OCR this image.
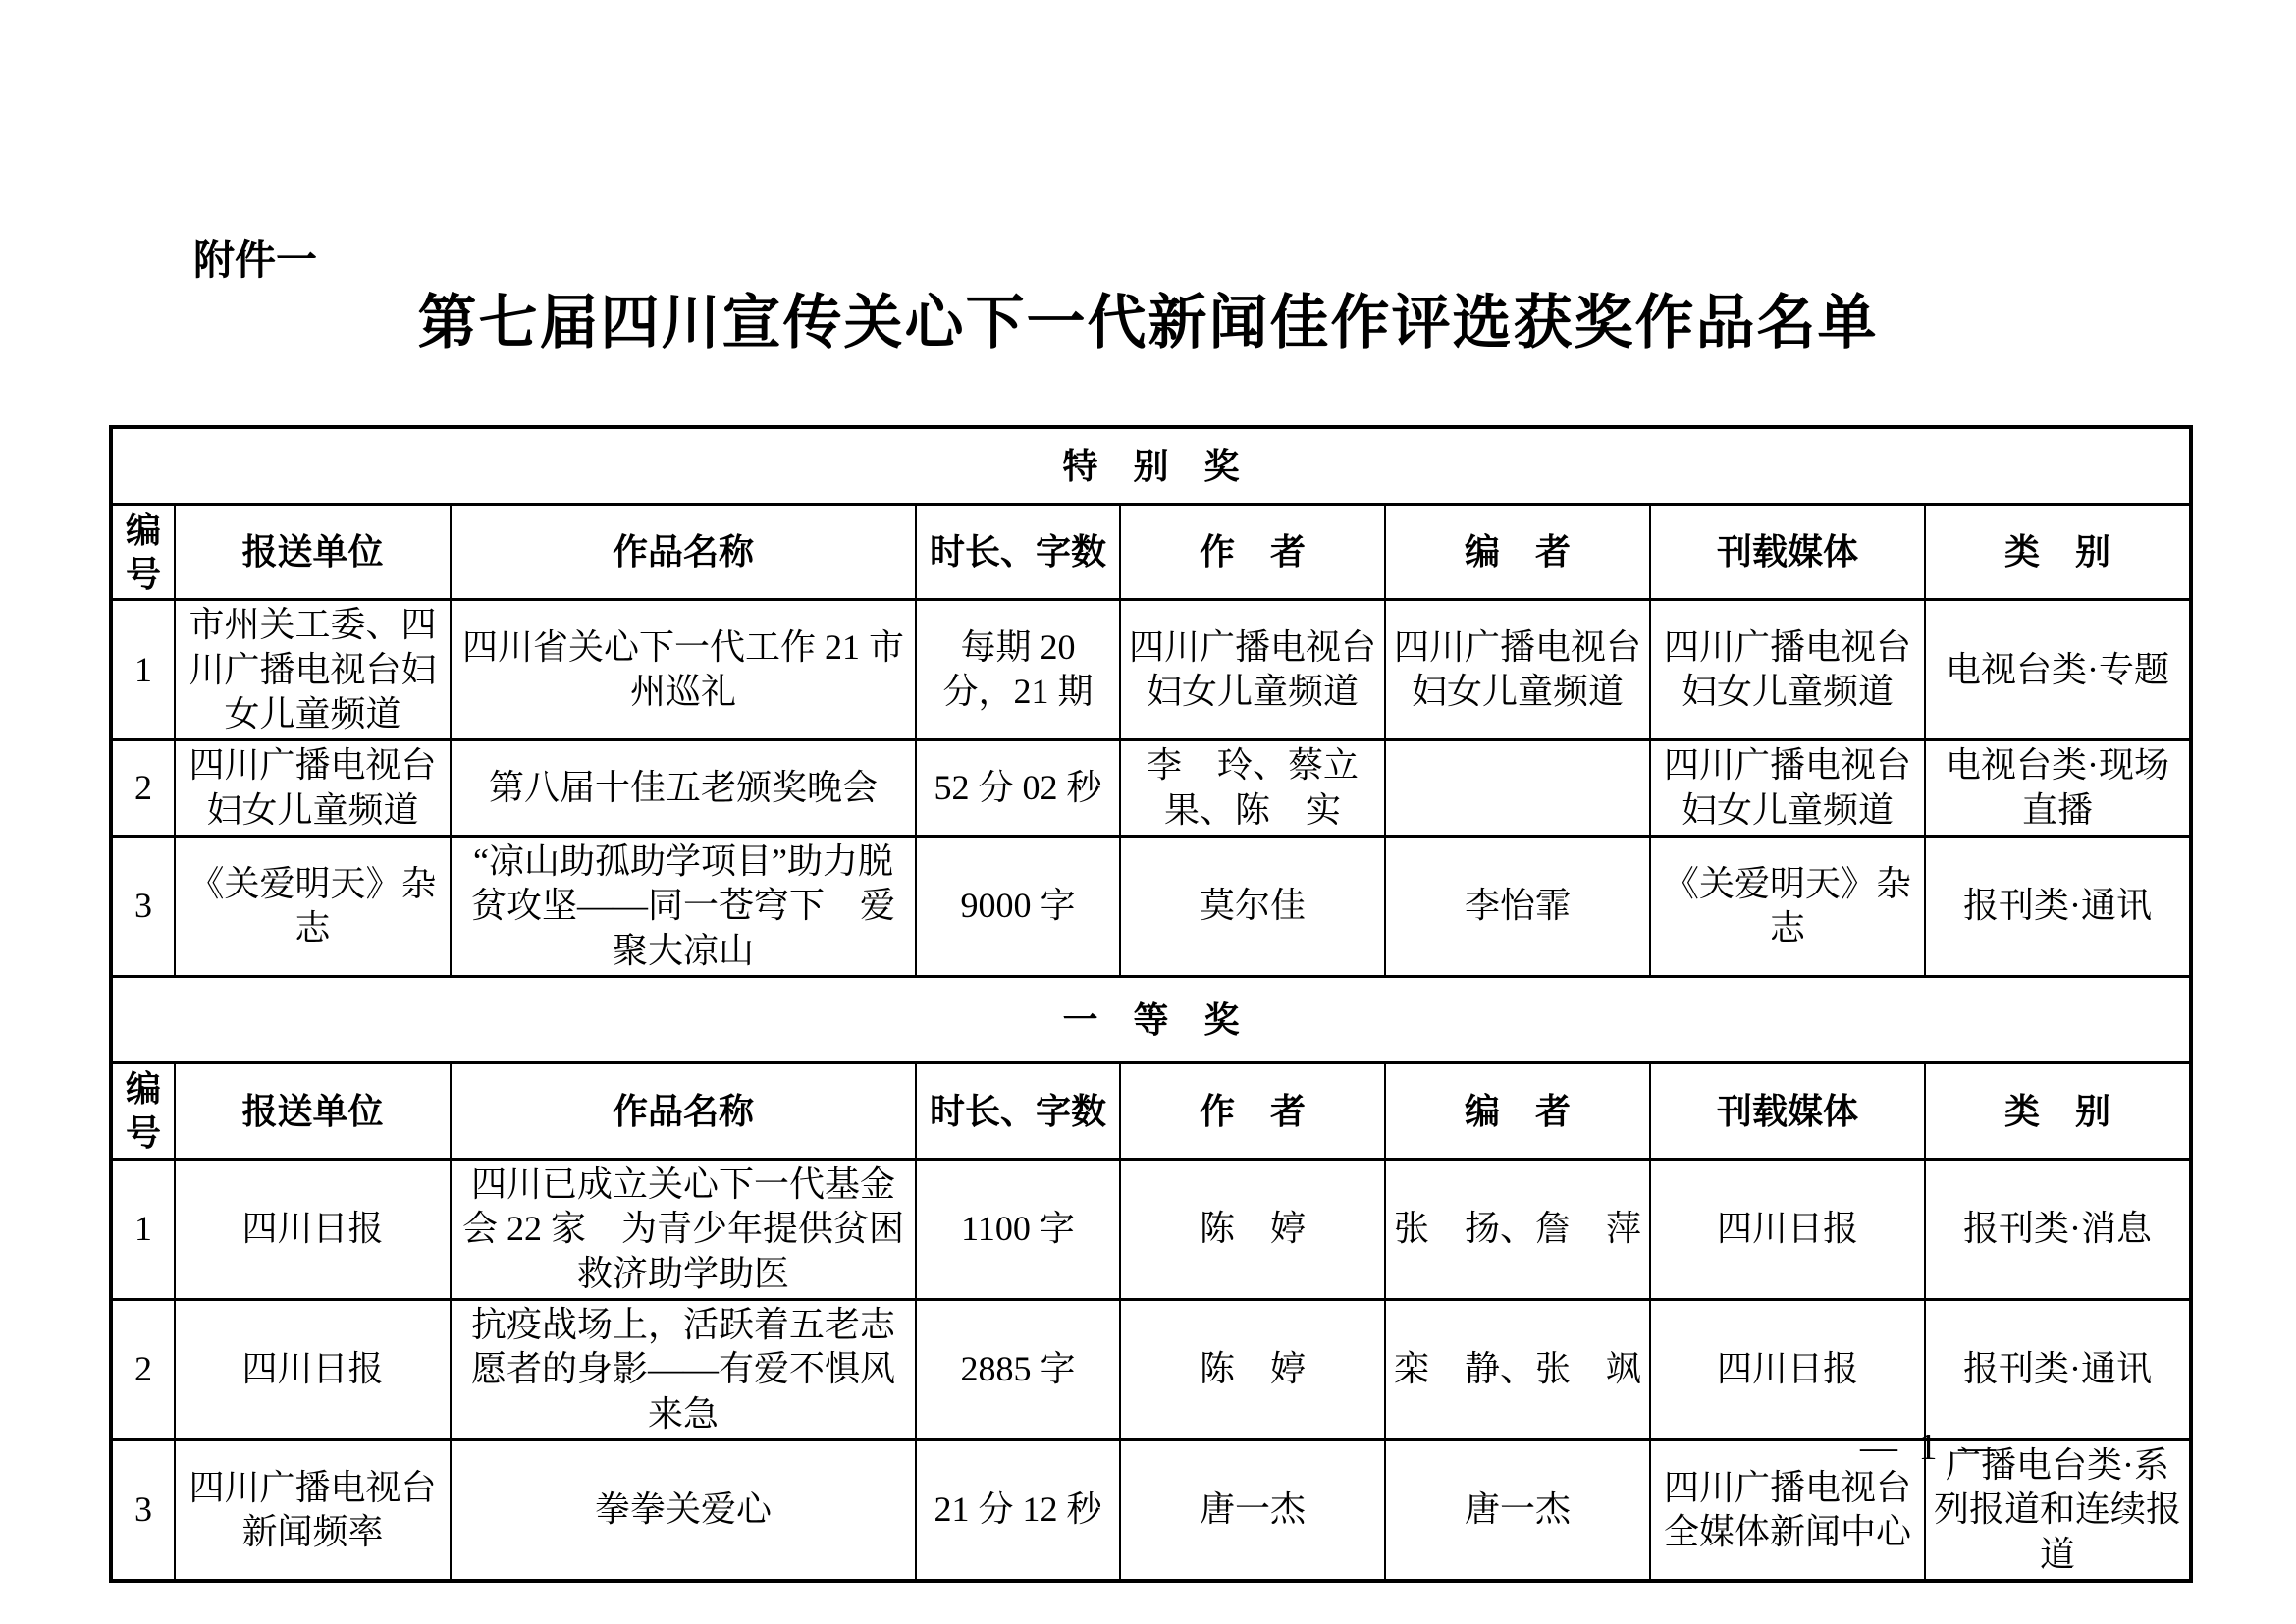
附件一
第七届四川宣传关心下一代新闻佳作评选获奖作品名单
特　别　奖							
编号	报送单位	作品名称	时长、字数	作　者	编　者	刊载媒体	类　别
1	市州关工委、四川广播电视台妇女儿童频道	四川省关心下一代工作 21 市州巡礼	每期 20 分，21 期	四川广播电视台妇女儿童频道	四川广播电视台妇女儿童频道	四川广播电视台妇女儿童频道	电视台类·专题
2	四川广播电视台妇女儿童频道	第八届十佳五老颁奖晚会	52 分 02 秒	李　玲、蔡立果、陈　实		四川广播电视台妇女儿童频道	电视台类·现场直播
3	《关爱明天》杂志	“凉山助孤助学项目”助力脱贫攻坚——同一苍穹下　爱聚大凉山	9000 字	莫尔佳	李怡霏	《关爱明天》杂志	报刊类·通讯
一　等　奖							
编号	报送单位	作品名称	时长、字数	作　者	编　者	刊载媒体	类　别
1	四川日报	四川已成立关心下一代基金会 22 家　为青少年提供贫困救济助学助医	1100 字	陈　婷	张　扬、詹　萍	四川日报	报刊类·消息
2	四川日报	抗疫战场上，活跃着五老志愿者的身影——有爱不惧风来急	2885 字	陈　婷	栾　静、张　飒	四川日报	报刊类·通讯
3	四川广播电视台新闻频率	拳拳关爱心	21 分 12 秒	唐一杰	唐一杰	四川广播电视台全媒体新闻中心	广播电台类·系列报道和连续报道
— 1 —
